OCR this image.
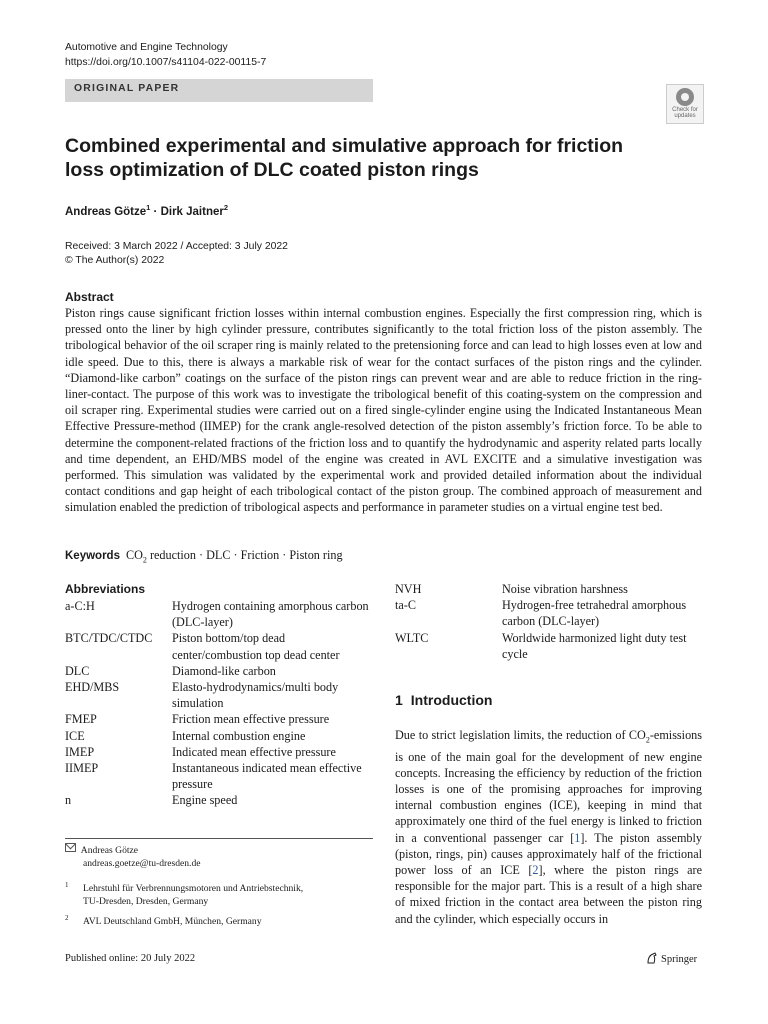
Automotive and Engine Technology
https://doi.org/10.1007/s41104-022-00115-7
ORIGINAL PAPER
Check for updates
Combined experimental and simulative approach for friction loss optimization of DLC coated piston rings
Andreas Götze$^1$ · Dirk Jaitner$^2$
Received: 3 March 2022 / Accepted: 3 July 2022
© The Author(s) 2022
Abstract
Piston rings cause significant friction losses within internal combustion engines. Especially the first compression ring, which is pressed onto the liner by high cylinder pressure, contributes significantly to the total friction loss of the piston assembly. The tribological behavior of the oil scraper ring is mainly related to the pretensioning force and can lead to high losses even at low and idle speed. Due to this, there is always a markable risk of wear for the contact surfaces of the piston rings and the cylinder. “Diamond-like carbon” coatings on the surface of the piston rings can prevent wear and are able to reduce friction in the ring-liner-contact. The purpose of this work was to investigate the tribological benefit of this coating-system on the compression and oil scraper ring. Experimental studies were carried out on a fired single-cylinder engine using the Indicated Instantaneous Mean Effective Pressure-method (IIMEP) for the crank angle-resolved detection of the piston assembly’s friction force. To be able to determine the component-related fractions of the friction loss and to quantify the hydrodynamic and asperity related parts locally and time dependent, an EHD/MBS model of the engine was created in AVL EXCITE and a simulative investigation was performed. This simulation was validated by the experimental work and provided detailed information about the individual contact conditions and gap height of each tribological contact of the piston group. The combined approach of measurement and simulation enabled the prediction of tribological aspects and performance in parameter studies on a virtual engine test bed.
Keywords $CO_2$ reduction · DLC · Friction · Piston ring
Abbreviations
a-C:H	Hydrogen containing amorphous carbon (DLC-layer)
BTC/TDC/CTDC	Piston bottom/top dead center/combustion top dead center
DLC	Diamond-like carbon
EHD/MBS	Elasto-hydrodynamics/multi body simulation
FMEP	Friction mean effective pressure
ICE	Internal combustion engine
IMEP	Indicated mean effective pressure
IIMEP	Instantaneous indicated mean effective pressure
n	Engine speed
NVH	Noise vibration harshness
ta-C	Hydrogen-free tetrahedral amorphous carbon (DLC-layer)
WLTC	Worldwide harmonized light duty test cycle
Andreas Götze
andreas.goetze@tu-dresden.de
1	Lehrstuhl für Verbrennungsmotoren und Antriebstechnik,
TU-Dresden, Dresden, Germany
2	AVL Deutschland GmbH, München, Germany
1 Introduction
Due to strict legislation limits, the reduction of $CO_2$-emissions is one of the main goal for the development of new engine concepts. Increasing the efficiency by reduction of the friction losses is one of the promising approaches for improving internal combustion engines (ICE), keeping in mind that approximately one third of the fuel energy is linked to friction in a conventional passenger car [1]. The piston assembly (piston, rings, pin) causes approximately half of the frictional power loss of an ICE [2], where the piston rings are responsible for the major part. This is a result of a high share of mixed friction in the contact area between the piston ring and the cylinder, which especially occurs in
Published online: 20 July 2022	Springer
